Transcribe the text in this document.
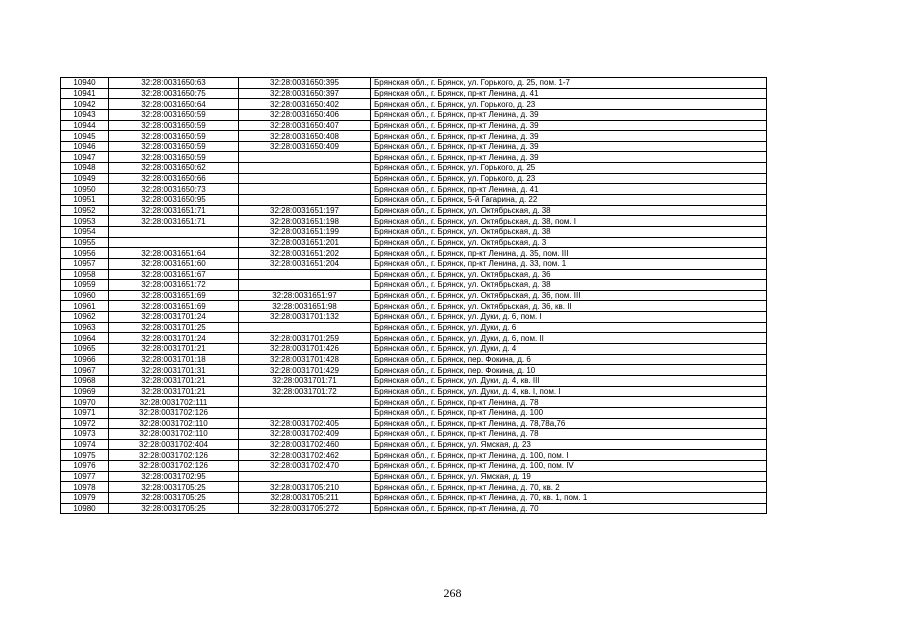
10940	32:28:0031650:63	32:28:0031650:395	Брянская обл., г. Брянск, ул. Горького, д. 25, пом. 1-7
10941	32:28:0031650:75	32:28:0031650:397	Брянская обл., г. Брянск, пр-кт Ленина, д. 41
10942	32:28:0031650:64	32:28:0031650:402	Брянская обл., г. Брянск, ул. Горького, д. 23
10943	32:28:0031650:59	32:28:0031650:406	Брянская обл., г. Брянск, пр-кт Ленина, д. 39
10944	32:28:0031650:59	32:28:0031650:407	Брянская обл., г. Брянск, пр-кт Ленина, д. 39
10945	32:28:0031650:59	32:28:0031650:408	Брянская обл., г. Брянск, пр-кт Ленина, д. 39
10946	32:28:0031650:59	32:28:0031650:409	Брянская обл., г. Брянск, пр-кт Ленина, д. 39
10947	32:28:0031650:59		Брянская обл., г. Брянск, пр-кт Ленина, д. 39
10948	32:28:0031650:62		Брянская обл., г. Брянск, ул. Горького, д. 25
10949	32:28:0031650:66		Брянская обл., г. Брянск, ул. Горького, д. 23
10950	32:28:0031650:73		Брянская обл., г. Брянск, пр-кт Ленина, д. 41
10951	32:28:0031650:95		Брянская обл., г. Брянск, 5-й Гагарина, д. 22
10952	32:28:0031651:71	32:28:0031651:197	Брянская обл., г. Брянск, ул. Октябрьская, д. 38
10953	32:28:0031651:71	32:28:0031651:198	Брянская обл., г. Брянск, ул. Октябрьская, д. 38, пом. I
10954		32:28:0031651:199	Брянская обл., г. Брянск, ул. Октябрьская, д. 38
10955		32:28:0031651:201	Брянская обл., г. Брянск, ул. Октябрьская, д. 3
10956	32:28:0031651:64	32:28:0031651:202	Брянская обл., г. Брянск, пр-кт Ленина, д. 35, пом. III
10957	32:28:0031651:60	32:28:0031651:204	Брянская обл., г. Брянск, пр-кт Ленина, д. 33, пом. 1
10958	32:28:0031651:67		Брянская обл., г. Брянск, ул. Октябрьская, д. 36
10959	32:28:0031651:72		Брянская обл., г. Брянск, ул. Октябрьская, д. 38
10960	32:28:0031651:69	32:28:0031651:97	Брянская обл., г. Брянск, ул. Октябрьская, д. 36, пом. III
10961	32:28:0031651:69	32:28:0031651:98	Брянская обл., г. Брянск, ул. Октябрьская, д. 36, кв. II
10962	32:28:0031701:24	32:28:0031701:132	Брянская обл., г. Брянск, ул. Дуки, д. 6, пом. I
10963	32:28:0031701:25		Брянская обл., г. Брянск, ул. Дуки, д. 6
10964	32:28:0031701:24	32:28:0031701:259	Брянская обл., г. Брянск, ул. Дуки, д. 6, пом. II
10965	32:28:0031701:21	32:28:0031701:426	Брянская обл., г. Брянск, ул. Дуки, д. 4
10966	32:28:0031701:18	32:28:0031701:428	Брянская обл., г. Брянск, пер. Фокина, д. 6
10967	32:28:0031701:31	32:28:0031701:429	Брянская обл., г. Брянск, пер. Фокина, д. 10
10968	32:28:0031701:21	32:28:0031701:71	Брянская обл., г. Брянск, ул. Дуки, д. 4, кв. III
10969	32:28:0031701:21	32:28:0031701:72	Брянская обл., г. Брянск, ул. Дуки, д. 4, кв. I, пом. I
10970	32:28:0031702:111		Брянская обл., г. Брянск, пр-кт Ленина, д. 78
10971	32:28:0031702:126		Брянская обл., г. Брянск, пр-кт Ленина, д. 100
10972	32:28:0031702:110	32:28:0031702:405	Брянская обл., г. Брянск, пр-кт Ленина, д. 78,78а,76
10973	32:28:0031702:110	32:28:0031702:409	Брянская обл., г. Брянск, пр-кт Ленина, д. 78
10974	32:28:0031702:404	32:28:0031702:460	Брянская обл., г. Брянск, ул. Ямская, д. 23
10975	32:28:0031702:126	32:28:0031702:462	Брянская обл., г. Брянск, пр-кт Ленина, д. 100, пом. I
10976	32:28:0031702:126	32:28:0031702:470	Брянская обл., г. Брянск, пр-кт Ленина, д. 100, пом. IV
10977	32:28:0031702:95		Брянская обл., г. Брянск, ул. Ямская, д. 19
10978	32:28:0031705:25	32:28:0031705:210	Брянская обл., г. Брянск, пр-кт Ленина, д. 70, кв. 2
10979	32:28:0031705:25	32:28:0031705:211	Брянская обл., г. Брянск, пр-кт Ленина, д. 70, кв. 1, пом. 1
10980	32:28:0031705:25	32:28:0031705:272	Брянская обл., г. Брянск, пр-кт Ленина, д. 70
268
